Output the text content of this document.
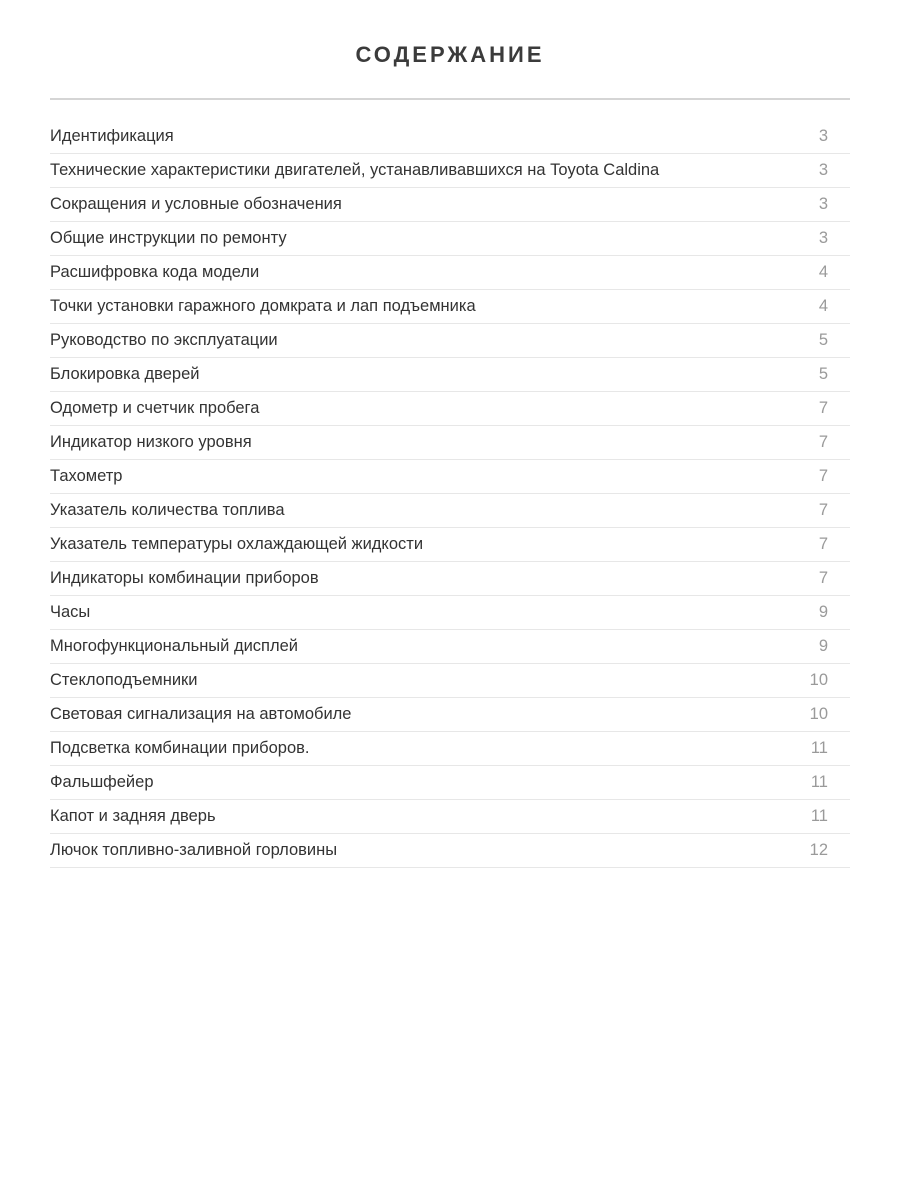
СОДЕРЖАНИЕ
Идентификация	3
Технические характеристики двигателей, устанавливавшихся на Toyota Caldina	3
Сокращения и условные обозначения	3
Общие инструкции по ремонту	3
Расшифровка кода модели	4
Точки установки гаражного домкрата и лап подъемника	4
Руководство по эксплуатации	5
Блокировка дверей	5
Одометр и счетчик пробега	7
Индикатор низкого уровня	7
Тахометр	7
Указатель количества топлива	7
Указатель температуры охлаждающей жидкости	7
Индикаторы комбинации приборов	7
Часы	9
Многофункциональный дисплей	9
Стеклоподъемники	10
Световая сигнализация на автомобиле	10
Подсветка комбинации приборов.	11
Фальшфейер	11
Капот и задняя дверь	11
Лючок топливно-заливной горловины	12
